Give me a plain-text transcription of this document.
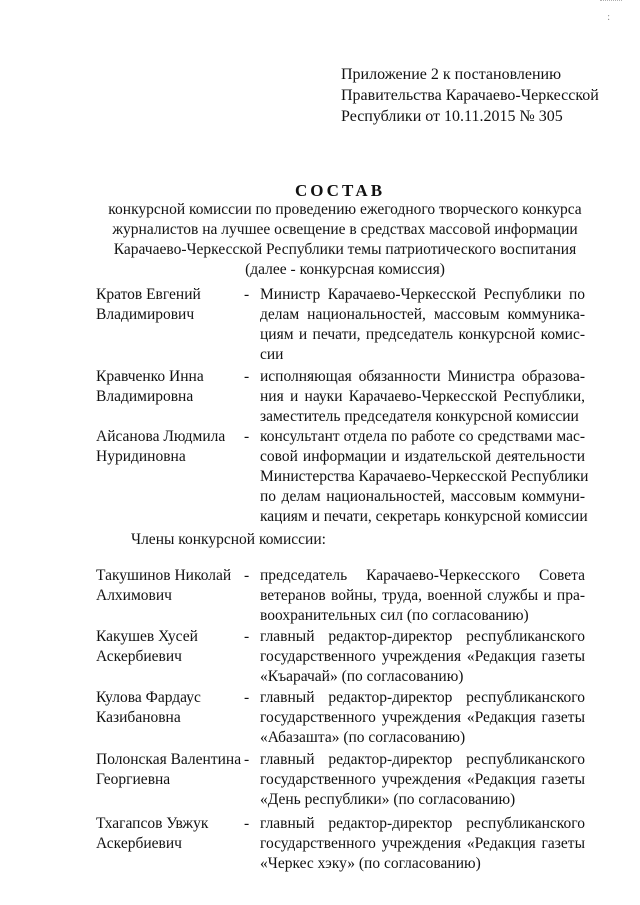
:
Приложение 2 к постановлению
Правительства Карачаево-Черкесской
Республики от 10.11.2015 № 305
СОСТАВ
конкурсной комиссии по проведению ежегодного творческого конкурса
журналистов на лучшее освещение в средствах массовой информации
Карачаево-Черкесской Республики темы патриотического воспитания
(далее - конкурсная комиссия)
Кратов Евгений
Владимирович
- Министр Карачаево-Черкесской Республики по
делам национальностей, массовым коммуника-
циям и печати, председатель конкурсной комис-
сии
Кравченко Инна
Владимировна
- исполняющая обязанности Министра образова-
ния и науки Карачаево-Черкесской Республики,
заместитель председателя конкурсной комиссии
Айсанова Людмила
Нуридиновна
- консультант отдела по работе со средствами мас-
совой информации и издательской деятельности
Министерства Карачаево-Черкесской Республики
по делам национальностей, массовым коммуни-
кациям и печати, секретарь конкурсной комиссии
Члены конкурсной комиссии:
Такушинов Николай
Алхимович
- председатель Карачаево-Черкесского Совета
ветеранов войны, труда, военной службы и пра-
воохранительных сил (по согласованию)
Какушев Хусей
Аскербиевич
- главный редактор-директор республиканского
государственного учреждения «Редакция газеты
«Къарачай» (по согласованию)
Кулова Фардаус
Казибановна
- главный редактор-директор республиканского
государственного учреждения «Редакция газеты
«Абазашта» (по согласованию)
Полонская Валентина
Георгиевна
- главный редактор-директор республиканского
государственного учреждения «Редакция газеты
«День республики» (по согласованию)
Тхагапсов Увжук
Аскербиевич
- главный редактор-директор республиканского
государственного учреждения «Редакция газеты
«Черкес хэку» (по согласованию)
